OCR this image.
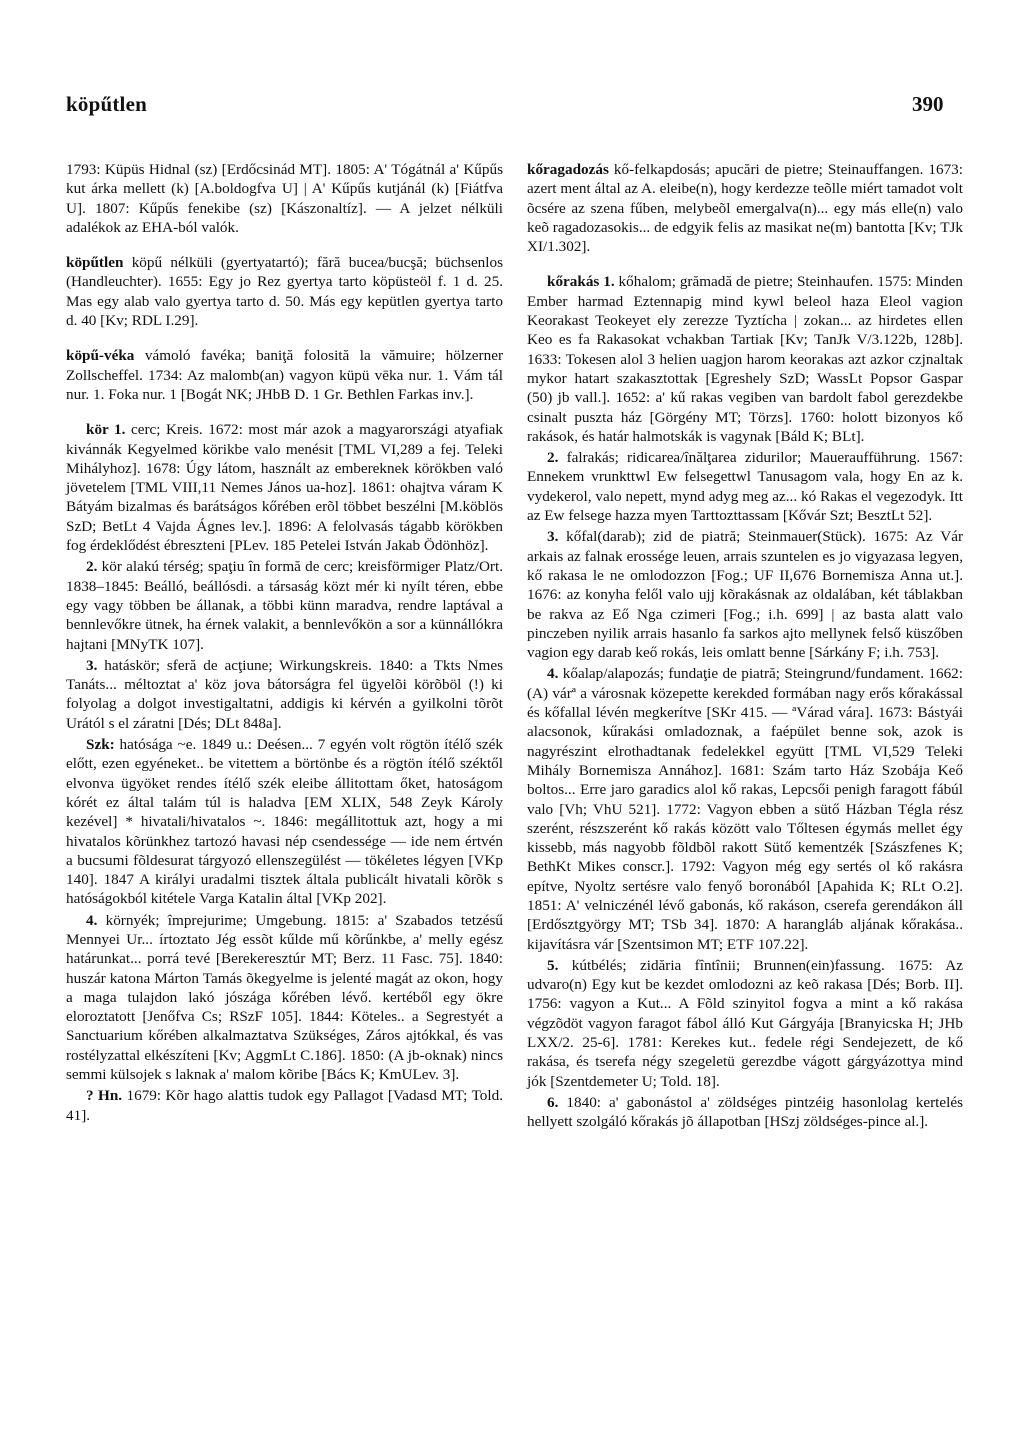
köpűtlen	390

1793: Küpüs Hidnal (sz) [Erdőcsinád MT]. 1805: A' Tógátnál a' Kűpűs kut árka mellett (k) [A.boldogfva U] | A' Kűpűs kutjánál (k) [Fiátfva U]. 1807: Kűpűs fenekibe (sz) [Kászonaltíz]. — A jelzet nélküli adalékok az EHA-ból valók.

köpűtlen köpű nélküli (gyertyatartó); fără bucea/bucşă; büchsenlos (Handleuchter). 1655: Egy jo Rez gyertya tarto köpüsteöl f. 1 d. 25. Mas egy alab valo gyertya tarto d. 50. Más egy kepütlen gyertya tarto d. 40 [Kv; RDL I.29].

köpű-véka vámoló favéka; baniţă folosită la vămuire; hölzerner Zollscheffel. 1734: Az malomb(an) vagyon küpü vēka nur. 1. Vám tál nur. 1. Foka nur. 1 [Bogát NK; JHbB D. 1 Gr. Bethlen Farkas inv.].

kör 1. cerc; Kreis. 1672: most már azok a magyarországi atyafiak kivánnák Kegyelmed körikbe valo menésit [TML VI,289 a fej. Teleki Mihályhoz]. 1678: Úgy látom, használt az embereknek körökben való jövetelem [TML VIII,11 Nemes János ua-hoz]. 1861: ohajtva váram K Bátyám bizalmas és barátságos kőrében erõl többet beszélni [M.köblös SzD; BetLt 4 Vajda Ágnes lev.]. 1896: A felolvasás tágabb körökben fog érdeklődést ébreszteni [PLev. 185 Petelei István Jakab Ödönhöz].

2. kör alakú térség; spaţiu în formă de cerc; kreisförmiger Platz/Ort. 1838–1845: Beálló, beállósdi. a társaság közt mér ki nyílt téren, ebbe egy vagy többen be állanak, a többi künn maradva, rendre laptával a bennlevőkre ütnek, ha érnek valakit, a bennlevőkön a sor a künnállókra hajtani [MNyTK 107].

3. hatáskör; sferă de acţiune; Wirkungskreis. 1840: a Tkts Nmes Tanáts... méltoztat a' köz jova bátorságra fel ügyelõi körõböl (!) ki folyolag a dolgot investigaltatni, addigis ki kérvén a gyilkolni tõrõt Urától s el záratni [Dés; DLt 848a].

Szk: hatósága ~e. 1849 u.: Deésen... 7 egyén volt rögtön ítélő szék előtt, ezen egyéneket.. be vitettem a börtönbe és a rögtön ítélő széktől elvonva ügyöket rendes ítélő szék eleibe állitottam őket, hatoságom kórét ez által talám túl is haladva [EM XLIX, 548 Zeyk Károly kezével] * hivatali/hivatalos ~. 1846: megállitottuk azt, hogy a mi hivatalos kõrünkhez tartozó havasi nép csendessége — ide nem értvén a bucsumi fõldesurat tárgyozó ellenszegülést — tökéletes légyen [VKp 140]. 1847 A királyi uradalmi tisztek általa publicált hivatali kõrõk s hatóságokból kitétele Varga Katalin által [VKp 202].

4. környék; împrejurime; Umgebung. 1815: a' Szabados tetzésű Mennyei Ur... írtoztato Jég essõt kűlde mű kõrűnkbe, a' melly egész határunkat... porrá tevé [Berekeresztúr MT; Berz. 11 Fasc. 75]. 1840: huszár katona Márton Tamás õkegyelme is jelenté magát az okon, hogy a maga tulajdon lakó jószága kőrében lévő. kertéből egy ökre eloroztatott [Jenőfva Cs; RSzF 105]. 1844: Köteles.. a Segrestyét a Sanctuarium kőrében alkalmaztatva Szükséges, Záros ajtókkal, és vas rostélyzattal elkészíteni [Kv; AggmLt C.186]. 1850: (A jb-oknak) nincs semmi külsojek s laknak a' malom kõribe [Bács K; KmULev. 3].

? Hn. 1679: Kõr hago alattis tudok egy Pallagot [Vadasd MT; Told. 41].

kőragadozás kő-felkapdosás; apucări de pietre; Steinauffangen. 1673: azert ment által az A. eleibe(n), hogy kerdezze teõlle miért tamadot volt õcsére az szena fűben, melybeõl emergalva(n)... egy más elle(n) valo keõ ragadozasokis... de edgyik felis az masikat ne(m) bantotta [Kv; TJk XI/1.302].

kőrakás 1. kőhalom; grămadă de pietre; Steinhaufen. 1575: Minden Ember harmad Eztennapig mind kywl beleol haza Eleol vagion Keorakast Teokeyet ely zerezze Tyztícha | zokan... az hirdetes ellen Keo es fa Rakasokat vchakban Tartiak [Kv; TanJk V/3.122b, 128b]. 1633: Tokesen alol 3 helien uagjon harom keorakas azt azkor czjnaltak mykor hatart szakasztottak [Egreshely SzD; WassLt Popsor Gaspar (50) jb vall.]. 1652: a' kű rakas vegiben van bardolt fabol gerezdekbe csinalt puszta ház [Görgény MT; Törzs]. 1760: holott bizonyos kő rakások, és határ halmotskák is vagynak [Báld K; BLt].

2. falrakás; ridicarea/înălţarea zidurilor; Maueraufführung. 1567: Ennekem vrunkttwl Ew felsegettwl Tanusagom vala, hogy En az k. vydekerol, valo nepett, mynd adyg meg az... kó Rakas el vegezodyk. Itt az Ew felsege hazza myen Tarttozttassam [Kővár Szt; BesztLt 52].

3. kőfal(darab); zid de piatră; Steinmauer(Stück). 1675: Az Vár arkais az falnak erossége leuen, arrais szuntelen es jo vigyazasa legyen, kő rakasa le ne omlodozzon [Fog.; UF II,676 Bornemisza Anna ut.]. 1676: az konyha felől valo ujj kõrakásnak az oldalában, két táblakban be rakva az Eő Nga czimeri [Fog.; i.h. 699] | az basta alatt valo pinczeben nyilik arrais hasanlo fa sarkos ajto mellynek felső küszőben vagion egy darab keő rokás, leis omlatt benne [Sárkány F; i.h. 753].

4. kőalap/alapozás; fundaţie de piatră; Steingrund/fundament. 1662: (A) várª a városnak közepette kerekded formában nagy erős kőrakással és kőfallal lévén megkerítve [SKr 415. — ªVárad vára]. 1673: Bástyái alacsonok, kűrakási omladoznak, a faépület benne sok, azok is nagyrészint elrothadtanak fedelekkel együtt [TML VI,529 Teleki Mihály Bornemisza Annához]. 1681: Szám tarto Ház Szobája Keő boltos... Erre jaro garadics alol kő rakas, Lepcsői penigh faragott fábúl valo [Vh; VhU 521]. 1772: Vagyon ebben a sütő Házban Tégla rész szerént, részszerént kő rakás között valo Tőltesen égymás mellet égy kissebb, más nagyobb fõldbõl rakott Sütő kementzék [Szászfenes K; BethKt Mikes conscr.]. 1792: Vagyon még egy sertés ol kő rakásra epítve, Nyoltz sertésre valo fenyő boronából [Apahida K; RLt O.2]. 1851: A' velniczénél lévő gabonás, kő rakáson, cserefa gerendákon áll [Erdősztgyörgy MT; TSb 34]. 1870: A harangláb aljának kőrakása.. kijavításra vár [Szentsimon MT; ETF 107.22].

5. kútbélés; zidăria fîntînii; Brunnen(ein)fassung. 1675: Az udvaro(n) Egy kut be kezdet omlodozni az keõ rakasa [Dés; Borb. II]. 1756: vagyon a Kut... A Fõld szinyitol fogva a mint a kő rakása végzõdöt vagyon faragot fábol álló Kut Gárgyája [Branyicska H; JHb LXX/2. 25-6]. 1781: Kerekes kut.. fedele régi Sendejezett, de kő rakása, és tserefa négy szegeletü gerezdbe vágott gárgyázottya mind jók [Szentdemeter U; Told. 18].

6. 1840: a' gabonástol a' zöldséges pintzéig hasonlolag kertelés hellyett szolgáló kőrakás jõ állapotban [HSzj zöldséges-pince al.].
